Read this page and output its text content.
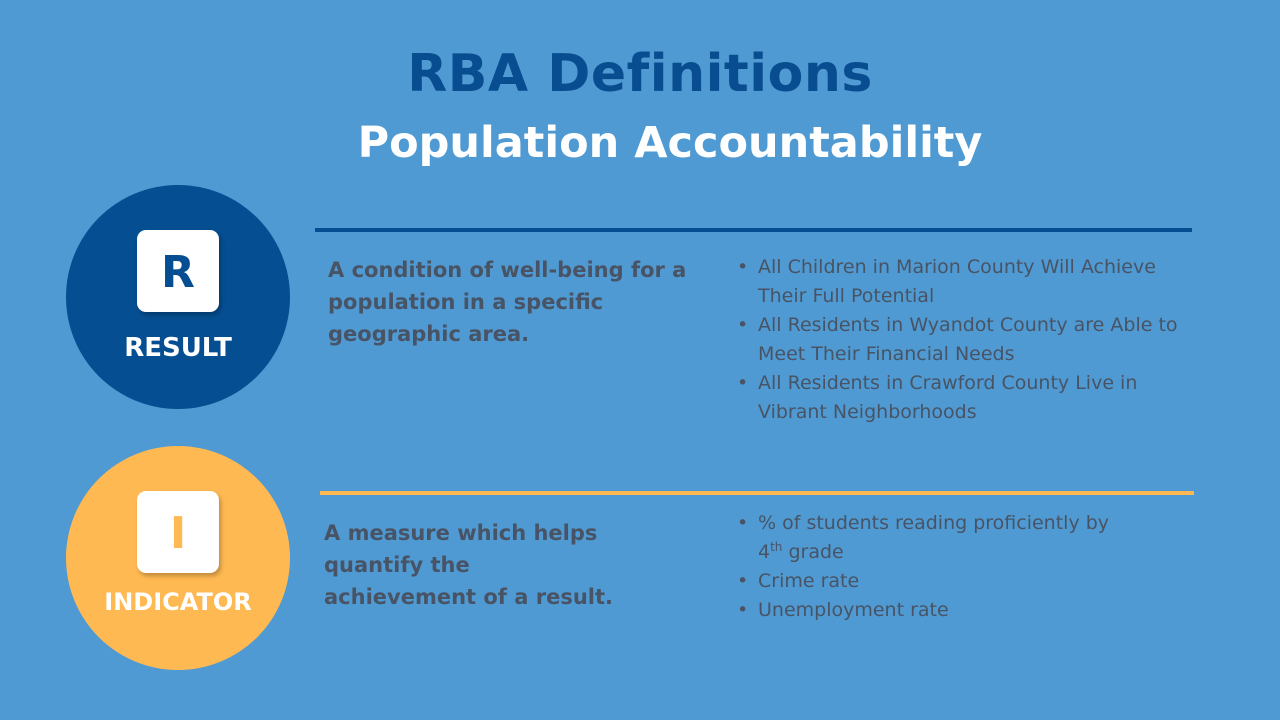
RBA Definitions
Population Accountability
R
RESULT
A condition of well-being for a population in a specific geographic area.
• All Children in Marion County Will Achieve Their Full Potential
• All Residents in Wyandot County are Able to Meet Their Financial Needs
• All Residents in Crawford County Live in Vibrant Neighborhoods
I
INDICATOR
A measure which helps quantify the achievement of a result.
• % of students reading proficiently by
4th grade
• Crime rate
• Unemployment rate
